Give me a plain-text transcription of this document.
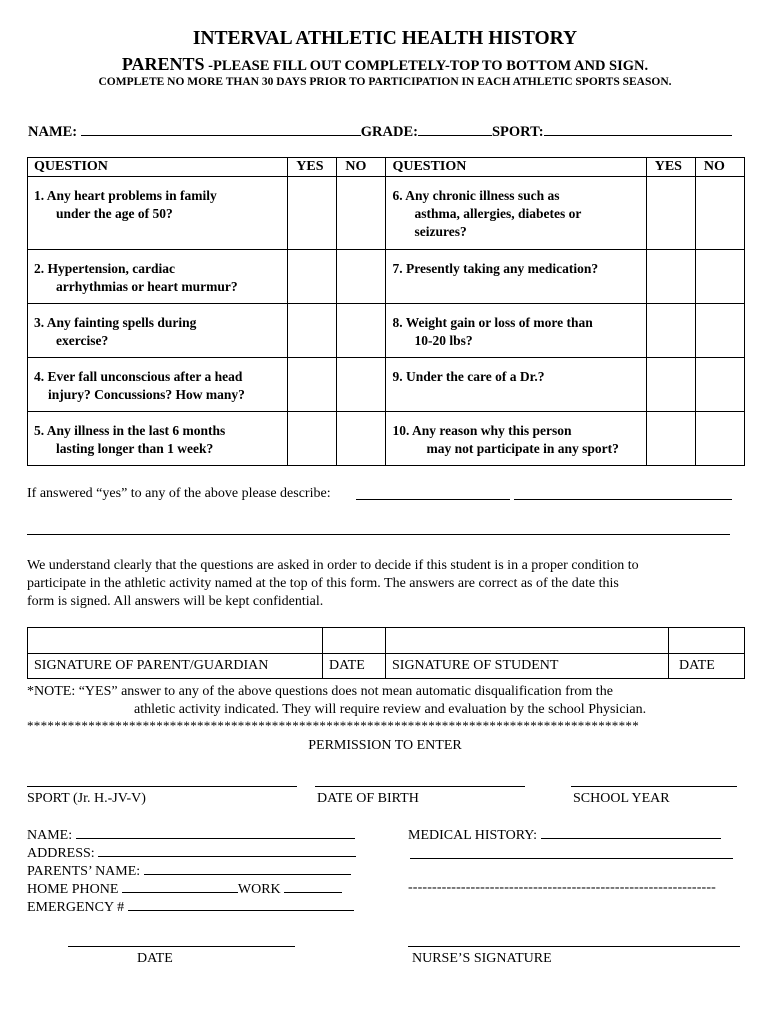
INTERVAL ATHLETIC HEALTH HISTORY
PARENTS -PLEASE FILL OUT COMPLETELY-TOP TO BOTTOM AND SIGN.
COMPLETE NO MORE THAN 30 DAYS PRIOR TO PARTICIPATION IN EACH ATHLETIC SPORTS SEASON.
NAME:	GRADE:	SPORT:
QUESTION	YES	NO	QUESTION	YES	NO

1. Any heart problems in family
under the age of 50?			6. Any chronic illness such as
asthma, allergies, diabetes or
seizures?		

2. Hypertension, cardiac
arrhythmias or heart murmur?			7. Presently taking any medication?		

3. Any fainting spells during
exercise?			8. Weight gain or loss of more than
10-20 lbs?		

4. Ever fall unconscious after a head
injury? Concussions? How many?			9. Under the care of a Dr.?		

5. Any illness in the last 6 months
lasting longer than 1 week?			10. Any reason why this person
may not participate in any sport?		

If answered “yes” to any of the above please describe:
We understand clearly that the questions are asked in order to decide if this student is in a proper condition to
participate in the athletic activity named at the top of this form. The answers are correct as of the date this
form is signed. All answers will be kept confidential.

SIGNATURE OF PARENT/GUARDIAN	DATE	SIGNATURE OF STUDENT	DATE
*NOTE: “YES” answer to any of the above questions does not mean automatic disqualification from the
athletic activity indicated. They will require review and evaluation by the school Physician.
******************************************************************************************
PERMISSION TO ENTER
SPORT (Jr. H.-JV-V)	DATE OF BIRTH	SCHOOL YEAR
NAME:
ADDRESS:
PARENTS’ NAME:
HOME PHONE	WORK
EMERGENCY #
MEDICAL HISTORY:
----------------------------------------------------------------
DATE	NURSE’S SIGNATURE
